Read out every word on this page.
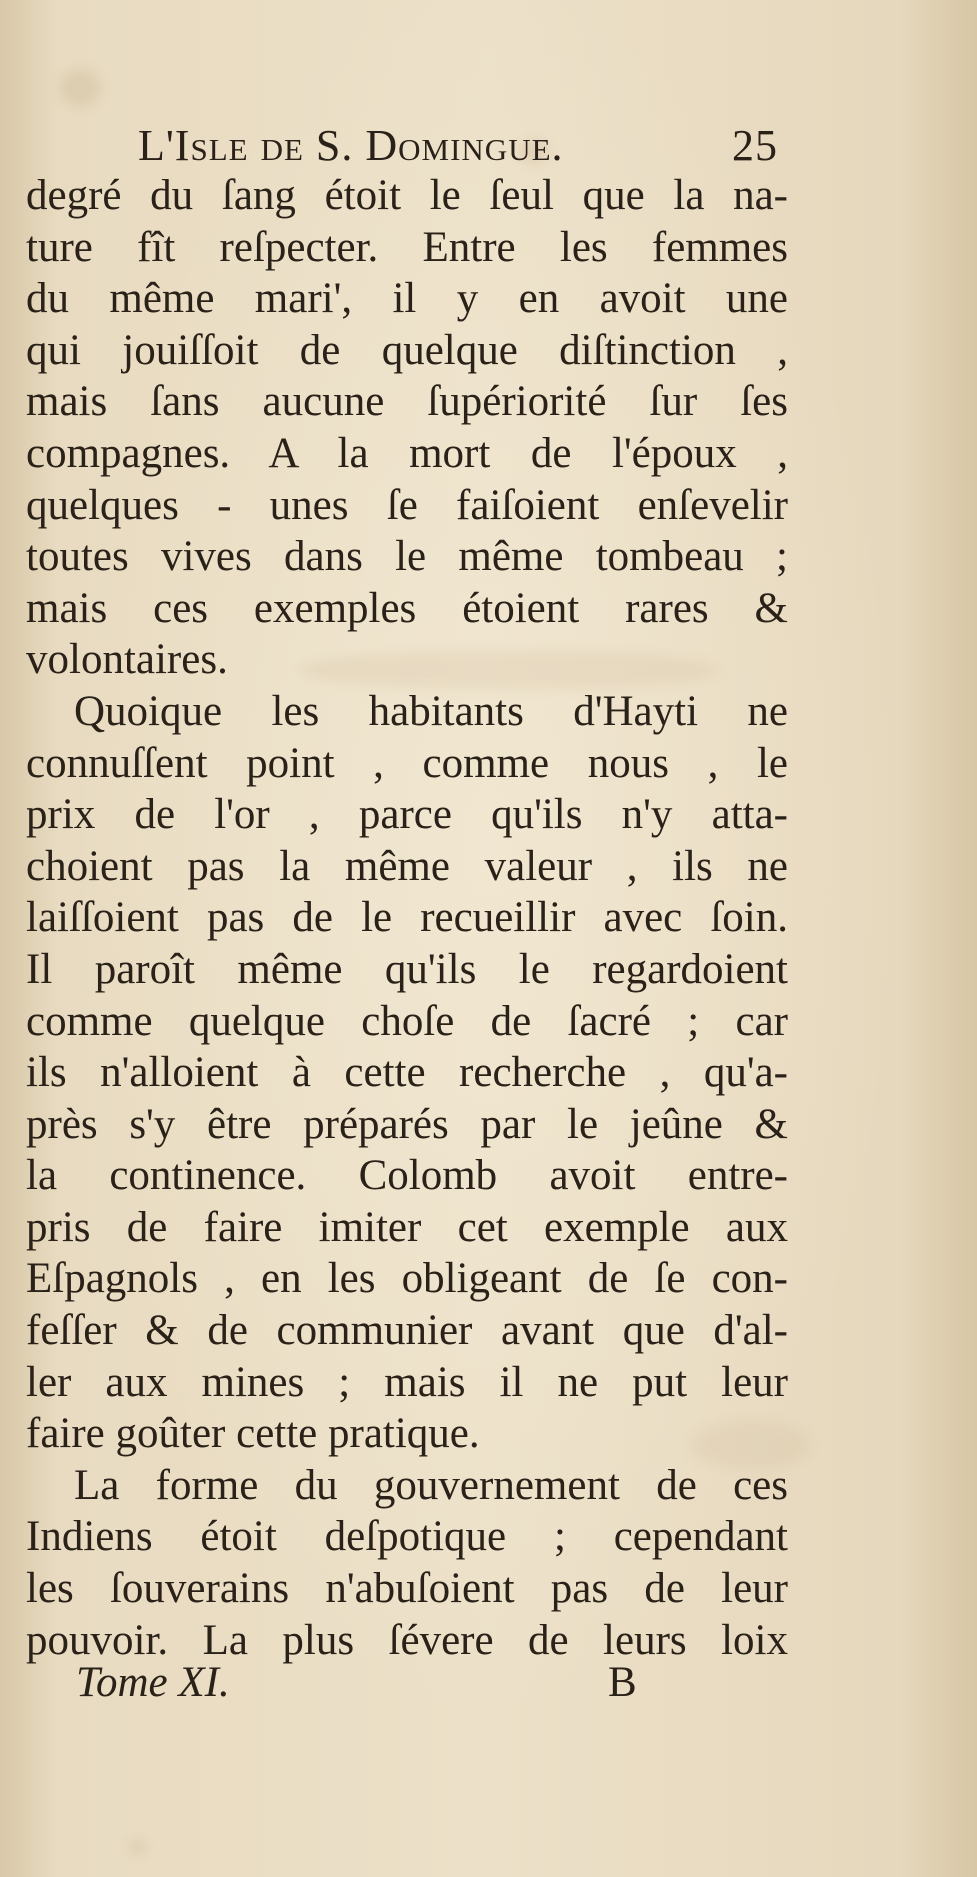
L'Isle de S. Domingue.	25
degré du ſang étoit le ſeul que la na-
ture fît reſpecter. Entre les femmes
du même mari', il y en avoit une
qui jouiſſoit de quelque diſtinction ,
mais ſans aucune ſupériorité ſur ſes
compagnes. A la mort de l'époux ,
quelques - unes ſe faiſoient enſevelir
toutes vives dans le même tombeau ;
mais ces exemples étoient rares &
volontaires.
Quoique les habitants d'Hayti ne
connuſſent point , comme nous , le
prix de l'or , parce qu'ils n'y atta-
choient pas la même valeur , ils ne
laiſſoient pas de le recueillir avec ſoin.
Il paroît même qu'ils le regardoient
comme quelque choſe de ſacré ; car
ils n'alloient à cette recherche , qu'a-
près s'y être préparés par le jeûne &
la continence. Colomb avoit entre-
pris de faire imiter cet exemple aux
Eſpagnols , en les obligeant de ſe con-
feſſer & de communier avant que d'al-
ler aux mines ; mais il ne put leur
faire goûter cette pratique.
La forme du gouvernement de ces
Indiens étoit deſpotique ; cependant
les ſouverains n'abuſoient pas de leur
pouvoir. La plus ſévere de leurs loix
Tome XI.	B
